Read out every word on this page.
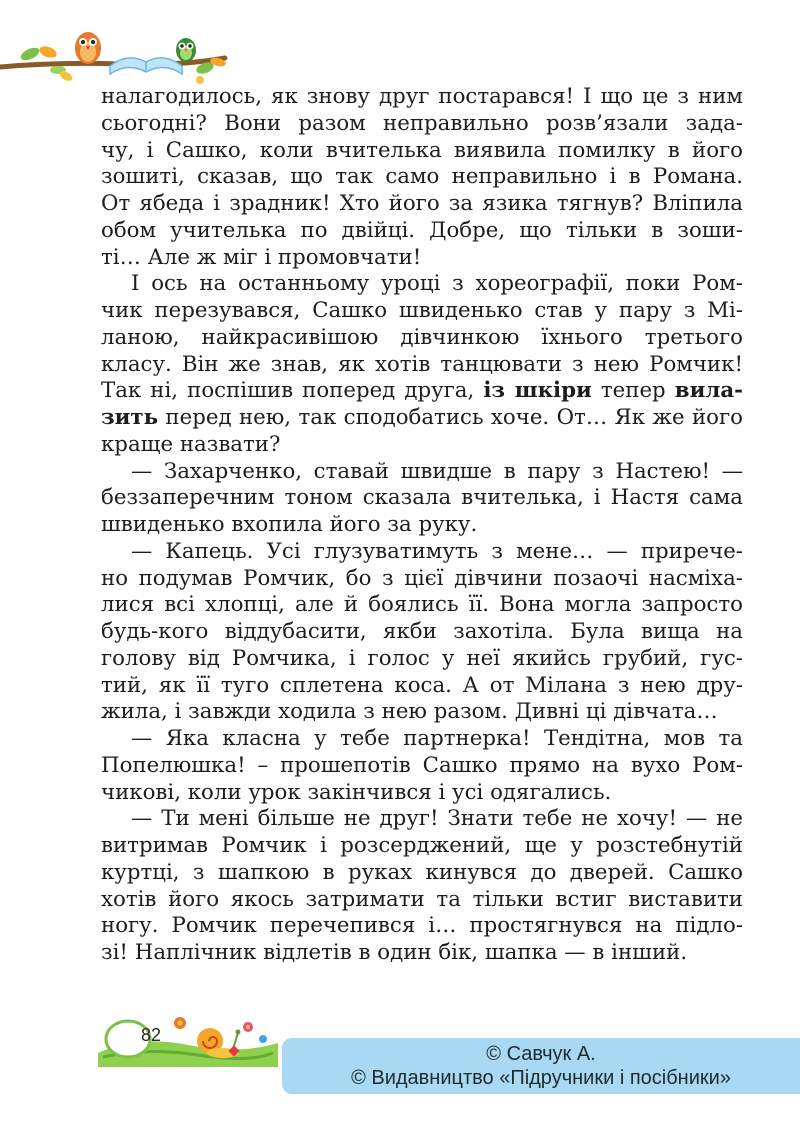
налагодилось, як знову друг постарався! І що це з ним
сьогодні? Вони разом неправильно розв’язали зада-
чу, і Сашко, коли вчителька виявила помилку в його
зошиті, сказав, що так само неправильно і в Романа.
От ябеда і зрадник! Хто його за язика тягнув? Вліпила
обом учителька по двійці. Добре, що тільки в зоши-
ті… Але ж міг і промовчати!
І ось на останньому уроці з хореографії, поки Ром-
чик перезувався, Сашко швиденько став у пару з Мі-
ланою, найкрасивішою дівчинкою їхнього третього
класу. Він же знав, як хотів танцювати з нею Ромчик!
Так ні, поспішив поперед друга, із шкіри тепер вила-
зить перед нею, так сподобатись хоче. От… Як же його
краще назвати?
— Захарченко, ставай швидше в пару з Настею! —
беззаперечним тоном сказала вчителька, і Настя сама
швиденько вхопила його за руку.
— Капець. Усі глузуватимуть з мене… — прирече-
но подумав Ромчик, бо з цієї дівчини позаочі насміха-
лися всі хлопці, але й боялись її. Вона могла запросто
будь-кого віддубасити, якби захотіла. Була вища на
голову від Ромчика, і голос у неї якийсь грубий, гус-
тий, як її туго сплетена коса. А от Мілана з нею дру-
жила, і завжди ходила з нею разом. Дивні ці дівчата…
— Яка класна у тебе партнерка! Тендітна, мов та
Попелюшка! – прошепотів Сашко прямо на вухо Ром-
чикові, коли урок закінчився і усі одягались.
— Ти мені більше не друг! Знати тебе не хочу! — не
витримав Ромчик і розсерджений, ще у розстебнутій
куртці, з шапкою в руках кинувся до дверей. Сашко
хотів його якось затримати та тільки встиг виставити
ногу. Ромчик перечепився і… простягнувся на підло-
зі! Наплічник відлетів в один бік, шапка — в інший.
82
© Савчук А.
© Видавництво «Підручники і посібники»
